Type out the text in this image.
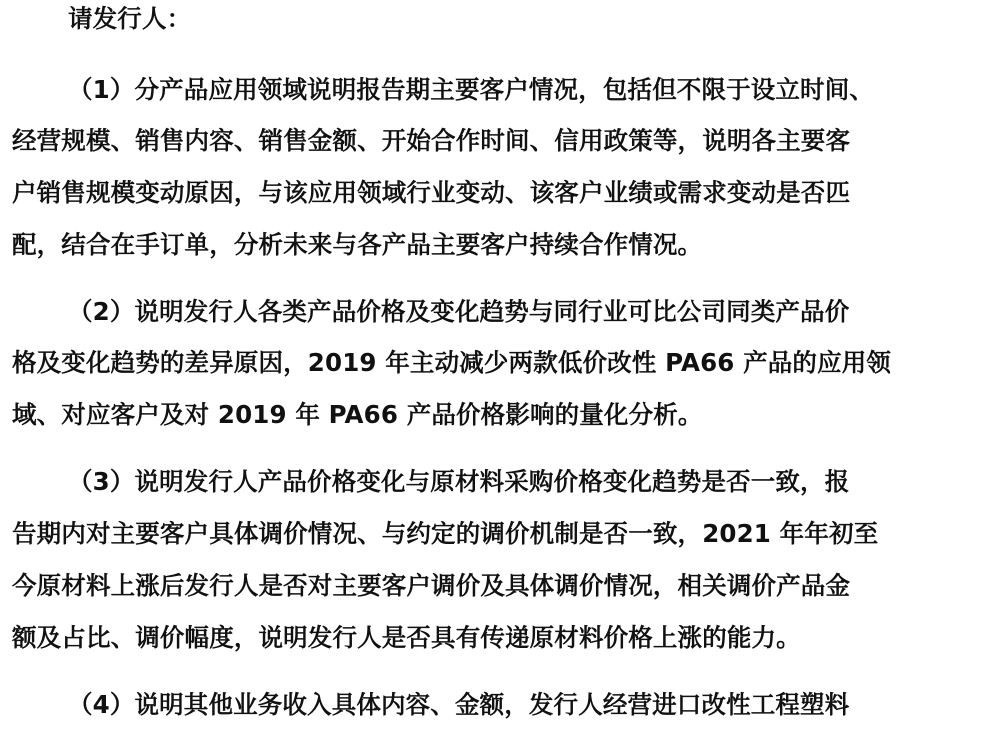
请发行人：
（1）分产品应用领域说明报告期主要客户情况，包括但不限于设立时间、
经营规模、销售内容、销售金额、开始合作时间、信用政策等，说明各主要客
户销售规模变动原因，与该应用领域行业变动、该客户业绩或需求变动是否匹
配，结合在手订单，分析未来与各产品主要客户持续合作情况。
（2）说明发行人各类产品价格及变化趋势与同行业可比公司同类产品价
格及变化趋势的差异原因，2019 年主动减少两款低价改性 PA66 产品的应用领
域、对应客户及对 2019 年 PA66 产品价格影响的量化分析。
（3）说明发行人产品价格变化与原材料采购价格变化趋势是否一致，报
告期内对主要客户具体调价情况、与约定的调价机制是否一致，2021 年年初至
今原材料上涨后发行人是否对主要客户调价及具体调价情况，相关调价产品金
额及占比、调价幅度，说明发行人是否具有传递原材料价格上涨的能力。
（4）说明其他业务收入具体内容、金额，发行人经营进口改性工程塑料
